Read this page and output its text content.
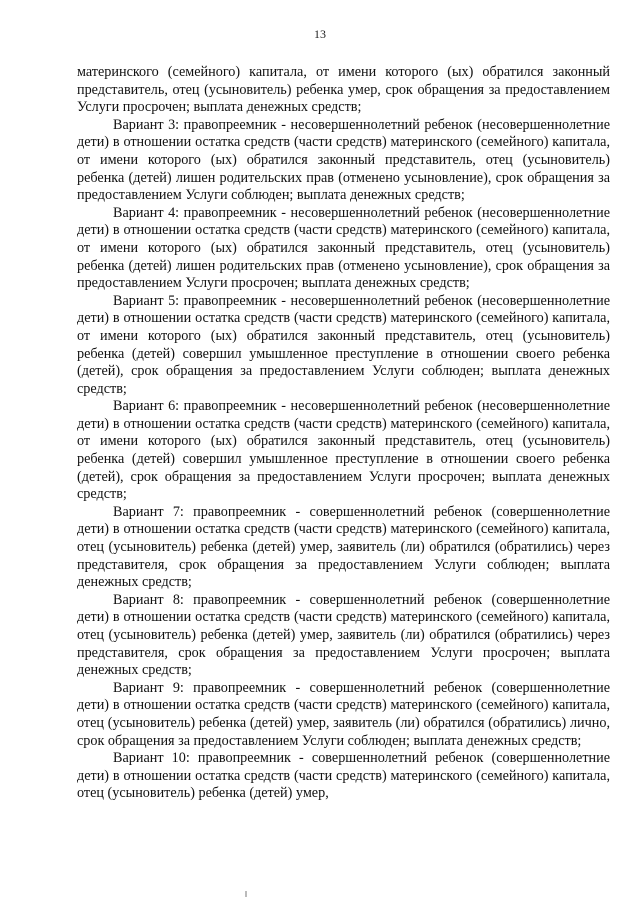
13

материнского (семейного) капитала, от имени которого (ых) обратился законный представитель, отец (усыновитель) ребенка умер, срок обращения за предоставлением Услуги просрочен; выплата денежных средств;

Вариант 3: правопреемник - несовершеннолетний ребенок (несовершеннолетние дети) в отношении остатка средств (части средств) материнского (семейного) капитала, от имени которого (ых) обратился законный представитель, отец (усыновитель) ребенка (детей) лишен родительских прав (отменено усыновление), срок обращения за предоставлением Услуги соблюден; выплата денежных средств;

Вариант 4: правопреемник - несовершеннолетний ребенок (несовершеннолетние дети) в отношении остатка средств (части средств) материнского (семейного) капитала, от имени которого (ых) обратился законный представитель, отец (усыновитель) ребенка (детей) лишен родительских прав (отменено усыновление), срок обращения за предоставлением Услуги просрочен; выплата денежных средств;

Вариант 5: правопреемник - несовершеннолетний ребенок (несовершеннолетние дети) в отношении остатка средств (части средств) материнского (семейного) капитала, от имени которого (ых) обратился законный представитель, отец (усыновитель) ребенка (детей) совершил умышленное преступление в отношении своего ребенка (детей), срок обращения за предоставлением Услуги соблюден; выплата денежных средств;

Вариант 6: правопреемник - несовершеннолетний ребенок (несовершеннолетние дети) в отношении остатка средств (части средств) материнского (семейного) капитала, от имени которого (ых) обратился законный представитель, отец (усыновитель) ребенка (детей) совершил умышленное преступление в отношении своего ребенка (детей), срок обращения за предоставлением Услуги просрочен; выплата денежных средств;

Вариант 7: правопреемник - совершеннолетний ребенок (совершеннолетние дети) в отношении остатка средств (части средств) материнского (семейного) капитала, отец (усыновитель) ребенка (детей) умер, заявитель (ли) обратился (обратились) через представителя, срок обращения за предоставлением Услуги соблюден; выплата денежных средств;

Вариант 8: правопреемник - совершеннолетний ребенок (совершеннолетние дети) в отношении остатка средств (части средств) материнского (семейного) капитала, отец (усыновитель) ребенка (детей) умер, заявитель (ли) обратился (обратились) через представителя, срок обращения за предоставлением Услуги просрочен; выплата денежных средств;

Вариант 9: правопреемник - совершеннолетний ребенок (совершеннолетние дети) в отношении остатка средств (части средств) материнского (семейного) капитала, отец (усыновитель) ребенка (детей) умер, заявитель (ли) обратился (обратились) лично, срок обращения за предоставлением Услуги соблюден; выплата денежных средств;

Вариант 10: правопреемник - совершеннолетний ребенок (совершеннолетние дети) в отношении остатка средств (части средств) материнского (семейного) капитала, отец (усыновитель) ребенка (детей) умер,
